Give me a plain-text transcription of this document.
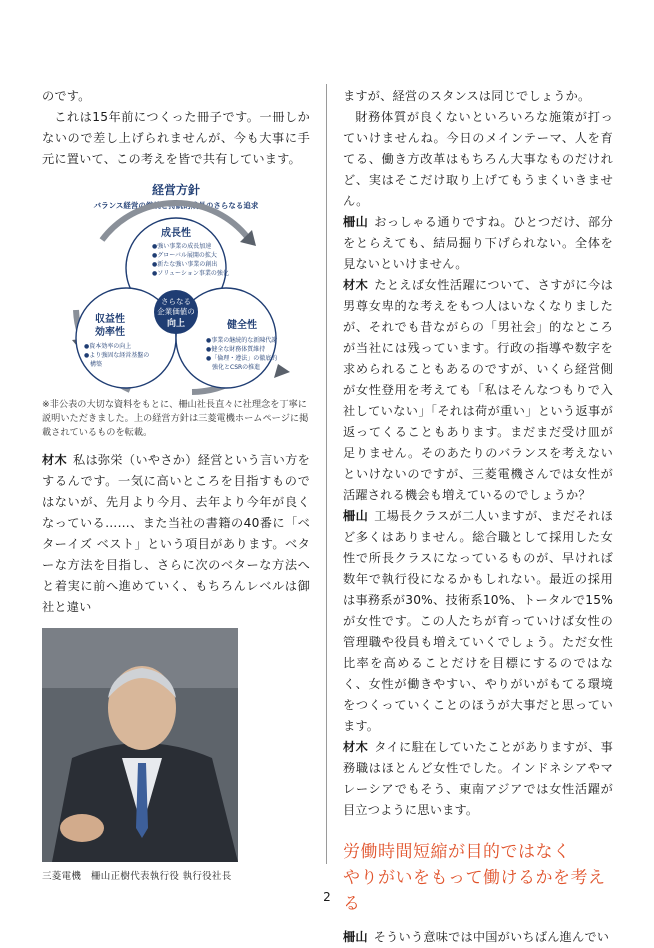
のです。

これは15年前につくった冊子です。一冊しかないので差し上げられませんが、今も大事に手元に置いて、この考えを皆で共有しています。

経営方針
バランス経営の継続と持続的成長のさらなる追求
さらなる
企業価値の
向上
成長性
●強い事業の成長加速
●グローバル展開の拡大
●新たな強い事業の創出
●ソリューション事業の強化
収益性
効率性
●資本効率の向上
●より強固な経営基盤の
　構築
健全性
●事業の継続的な新陳代謝
●健全な財務体質維持
●「倫理・遵法」の徹底的
　強化とCSRの推進

※非公表の大切な資料をもとに、柵山社長直々に社理念を丁寧に説明いただきました。上の経営方針は三菱電機ホームページに掲載されているものを転載。

材木 私は弥栄（いやさか）経営という言い方をするんです。一気に高いところを目指すものではないが、先月より今月、去年より今年が良くなっている……、また当社の書籍の40番に「ベターイズ ベスト」という項目があります。ベターな方法を目指し、さらに次のベターな方法へと着実に前へ進めていく、もちろんレベルは御社と違い

三菱電機　柵山正樹代表執行役 執行役社長

ますが、経営のスタンスは同じでしょうか。

財務体質が良くないといろいろな施策が打っていけませんね。今日のメインテーマ、人を育てる、働き方改革はもちろん大事なものだけれど、実はそこだけ取り上げてもうまくいきません。

柵山 おっしゃる通りですね。ひとつだけ、部分をとらえても、結局掘り下げられない。全体を見ないといけません。

材木 たとえば女性活躍について、さすがに今は男尊女卑的な考えをもつ人はいなくなりましたが、それでも昔ながらの「男社会」的なところが当社には残っています。行政の指導や数字を求められることもあるのですが、いくら経営側が女性登用を考えても「私はそんなつもりで入社していない」「それは荷が重い」という返事が返ってくることもあります。まだまだ受け皿が足りません。そのあたりのバランスを考えないといけないのですが、三菱電機さんでは女性が活躍される機会も増えているのでしょうか？

柵山 工場長クラスが二人いますが、まだそれほど多くはありません。総合職として採用した女性で所長クラスになっているものが、早ければ数年で執行役になるかもしれない。最近の採用は事務系が30%、技術系10%、トータルで15%が女性です。この人たちが育っていけば女性の管理職や役員も増えていくでしょう。ただ女性比率を高めることだけを目標にするのではなく、女性が働きやすい、やりがいがもてる環境をつくっていくことのほうが大事だと思っています。

材木 タイに駐在していたことがありますが、事務職はほとんど女性でした。インドネシアやマレーシアでもそう、東南アジアでは女性活躍が目立つように思います。

労働時間短縮が目的ではなく
やりがいをもって働けるかを考える

柵山 そういう意味では中国がいちばん進んでい

2
